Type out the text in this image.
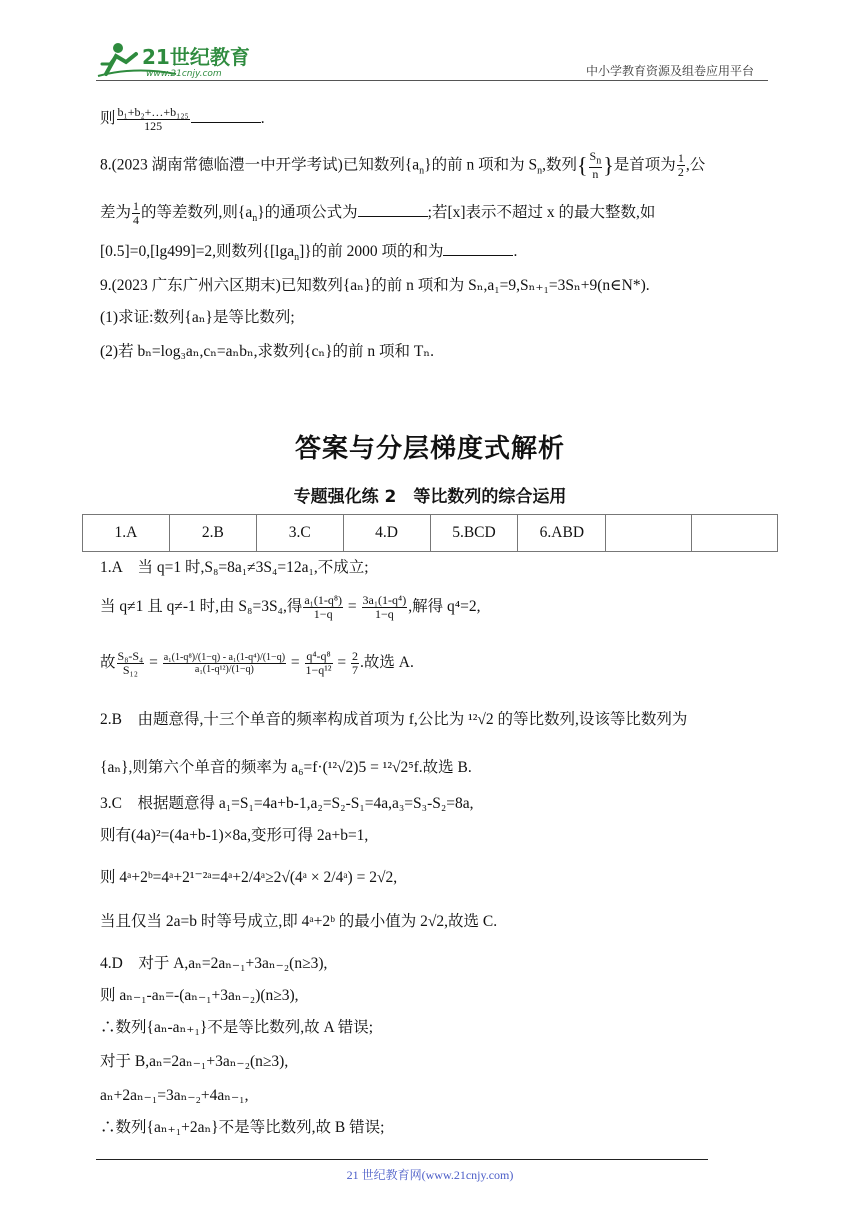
21世纪教育
www.21cnjy.com	中小学教育资源及组卷应用平台
则 $\frac{\text{b₁+b₂+…+b₁₂₅}}{125}$	.
8.(2023 湖南常德临澧一中开学考试)已知数列$\{a_n\}$的前 n 项和为 $S_n$,数列{ $\frac{S_n}{n}$ }是首项为 $\frac{1}{2}$ ,公
差为 $\frac{1}{4}$ 的等差数列,则$\{a_n\}$的通项公式为	;若[x]表示不超过 x 的最大整数,如
[0.5]=0,[lg499]=2,则数列{[lga$_n$]}的前 2000 项的和为	.
9.(2023 广东广州六区期末)已知数列{aₙ}的前 n 项和为 Sₙ,a₁=9,Sₙ₊₁=3Sₙ+9(n∈N*).
(1)求证:数列{aₙ}是等比数列;
(2)若 bₙ=log₃aₙ,cₙ=aₙbₙ,求数列{cₙ}的前 n 项和 Tₙ.
答案与分层梯度式解析
专题强化练 2　等比数列的综合运用
1.A	2.B	3.C	4.D	5.BCD	6.ABD		
1.A　当 q=1 时,S₈=8a₁≠3S₄=12a₁,不成立;
当 q≠1 且 q≠-1 时,由 S₈=3S₄,得 $\frac{\text{a₁(1-q⁸)}}{1-q} = \frac{\text{3a₁(1-q⁴)}}{1-q}$ ,解得 q⁴=2,
故 $\frac{\text{S₈-S₄}}{\text{S₁₂}} = \frac{\text{a₁(1-q⁸)/(1−q) - a₁(1-q⁴)/(1−q)}}{\text{a₁(1-q¹²)/(1−q)}} = \frac{\text{q⁴-q⁸}}{\text{1−q¹²}} = \frac{2}{7}$ .故选 A.
2.B　由题意得,十三个单音的频率构成首项为 f,公比为 ¹²√2 的等比数列,设该等比数列为
{aₙ},则第六个单音的频率为 a₆=f·(¹²√2)5 = ¹²√2⁵f.故选 B.
3.C　根据题意得 a₁=S₁=4a+b-1,a₂=S₂-S₁=4a,a₃=S₃-S₂=8a,
则有(4a)²=(4a+b-1)×8a,变形可得 2a+b=1,
则 4ᵃ+2ᵇ=4ᵃ+2¹⁻²ᵃ=4ᵃ+2/4ᵃ≥2√(4ᵃ × 2/4ᵃ) = 2√2,
当且仅当 2a=b 时等号成立,即 4ᵃ+2ᵇ 的最小值为 2√2,故选 C.
4.D　对于 A,aₙ=2aₙ₋₁+3aₙ₋₂(n≥3),
则 aₙ₋₁-aₙ=-(aₙ₋₁+3aₙ₋₂)(n≥3),
∴数列{aₙ-aₙ₊₁}不是等比数列,故 A 错误;
对于 B,aₙ=2aₙ₋₁+3aₙ₋₂(n≥3),
aₙ+2aₙ₋₁=3aₙ₋₂+4aₙ₋₁,
∴数列{aₙ₊₁+2aₙ}不是等比数列,故 B 错误;
21 世纪教育网(www.21cnjy.com)
